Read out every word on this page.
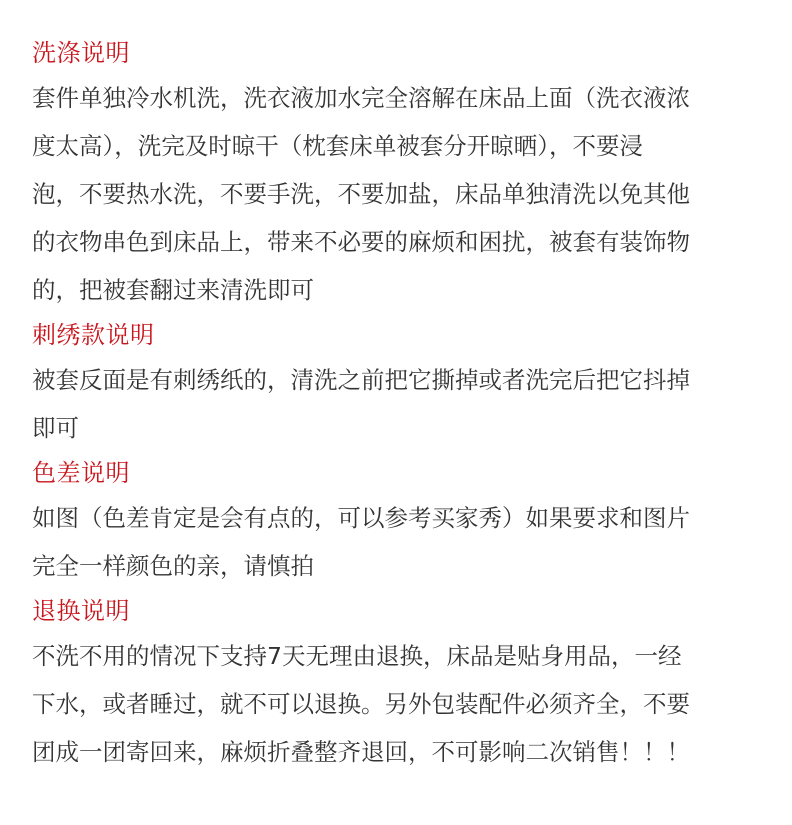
洗涤说明
套件单独冷水机洗，洗衣液加水完全溶解在床品上面（洗衣液浓
度太高），洗完及时晾干（枕套床单被套分开晾晒），不要浸
泡，不要热水洗，不要手洗，不要加盐，床品单独清洗以免其他
的衣物串色到床品上，带来不必要的麻烦和困扰，被套有装饰物
的，把被套翻过来清洗即可
刺绣款说明
被套反面是有刺绣纸的，清洗之前把它撕掉或者洗完后把它抖掉
即可
色差说明
如图（色差肯定是会有点的，可以参考买家秀）如果要求和图片
完全一样颜色的亲，请慎拍
退换说明
不洗不用的情况下支持7天无理由退换，床品是贴身用品，一经
下水，或者睡过，就不可以退换。另外包装配件必须齐全，不要
团成一团寄回来，麻烦折叠整齐退回，不可影响二次销售！！！
